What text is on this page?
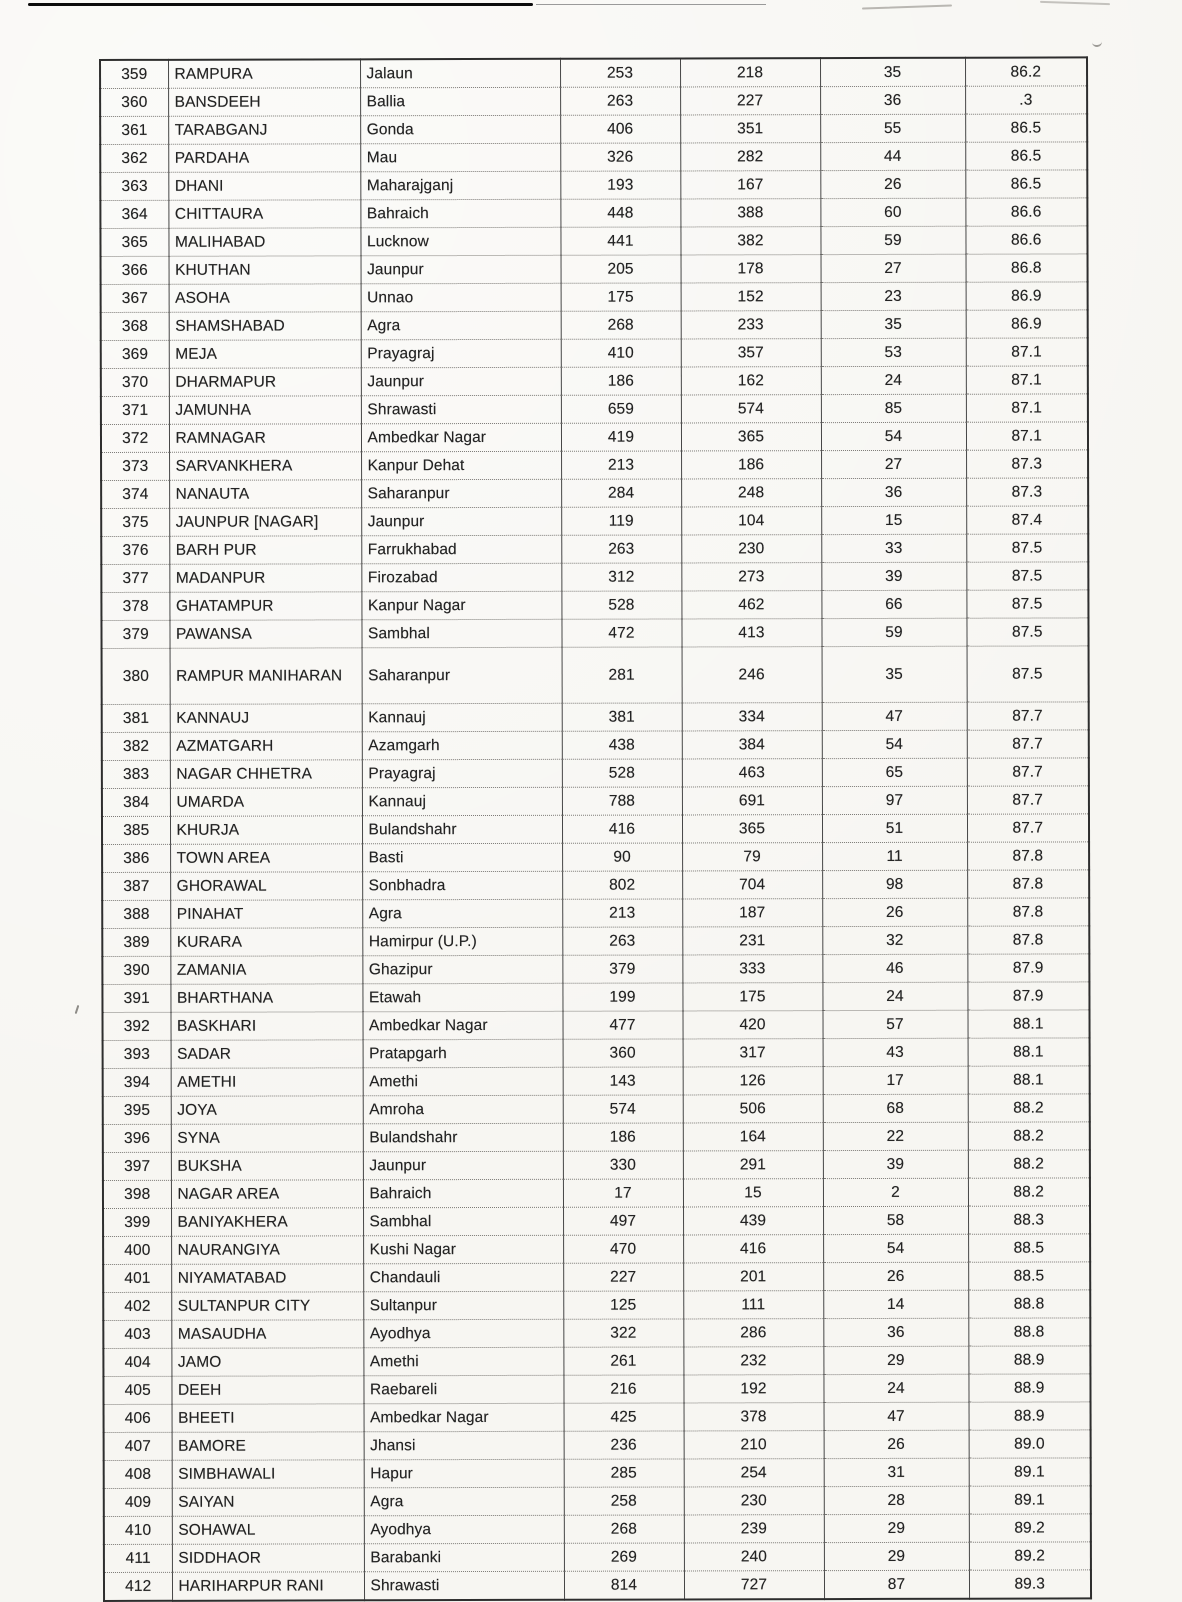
359	RAMPURA	Jalaun	253	218	35	86.2
360	BANSDEEH	Ballia	263	227	36	.3
361	TARABGANJ	Gonda	406	351	55	86.5
362	PARDAHA	Mau	326	282	44	86.5
363	DHANI	Maharajganj	193	167	26	86.5
364	CHITTAURA	Bahraich	448	388	60	86.6
365	MALIHABAD	Lucknow	441	382	59	86.6
366	KHUTHAN	Jaunpur	205	178	27	86.8
367	ASOHA	Unnao	175	152	23	86.9
368	SHAMSHABAD	Agra	268	233	35	86.9
369	MEJA	Prayagraj	410	357	53	87.1
370	DHARMAPUR	Jaunpur	186	162	24	87.1
371	JAMUNHA	Shrawasti	659	574	85	87.1
372	RAMNAGAR	Ambedkar Nagar	419	365	54	87.1
373	SARVANKHERA	Kanpur Dehat	213	186	27	87.3
374	NANAUTA	Saharanpur	284	248	36	87.3
375	JAUNPUR [NAGAR]	Jaunpur	119	104	15	87.4
376	BARH PUR	Farrukhabad	263	230	33	87.5
377	MADANPUR	Firozabad	312	273	39	87.5
378	GHATAMPUR	Kanpur Nagar	528	462	66	87.5
379	PAWANSA	Sambhal	472	413	59	87.5
380	RAMPUR MANIHARAN	Saharanpur	281	246	35	87.5
381	KANNAUJ	Kannauj	381	334	47	87.7
382	AZMATGARH	Azamgarh	438	384	54	87.7
383	NAGAR CHHETRA	Prayagraj	528	463	65	87.7
384	UMARDA	Kannauj	788	691	97	87.7
385	KHURJA	Bulandshahr	416	365	51	87.7
386	TOWN AREA	Basti	90	79	11	87.8
387	GHORAWAL	Sonbhadra	802	704	98	87.8
388	PINAHAT	Agra	213	187	26	87.8
389	KURARA	Hamirpur (U.P.)	263	231	32	87.8
390	ZAMANIA	Ghazipur	379	333	46	87.9
391	BHARTHANA	Etawah	199	175	24	87.9
392	BASKHARI	Ambedkar Nagar	477	420	57	88.1
393	SADAR	Pratapgarh	360	317	43	88.1
394	AMETHI	Amethi	143	126	17	88.1
395	JOYA	Amroha	574	506	68	88.2
396	SYNA	Bulandshahr	186	164	22	88.2
397	BUKSHA	Jaunpur	330	291	39	88.2
398	NAGAR AREA	Bahraich	17	15	2	88.2
399	BANIYAKHERA	Sambhal	497	439	58	88.3
400	NAURANGIYA	Kushi Nagar	470	416	54	88.5
401	NIYAMATABAD	Chandauli	227	201	26	88.5
402	SULTANPUR CITY	Sultanpur	125	111	14	88.8
403	MASAUDHA	Ayodhya	322	286	36	88.8
404	JAMO	Amethi	261	232	29	88.9
405	DEEH	Raebareli	216	192	24	88.9
406	BHEETI	Ambedkar Nagar	425	378	47	88.9
407	BAMORE	Jhansi	236	210	26	89.0
408	SIMBHAWALI	Hapur	285	254	31	89.1
409	SAIYAN	Agra	258	230	28	89.1
410	SOHAWAL	Ayodhya	268	239	29	89.2
411	SIDDHAOR	Barabanki	269	240	29	89.2
412	HARIHARPUR RANI	Shrawasti	814	727	87	89.3
